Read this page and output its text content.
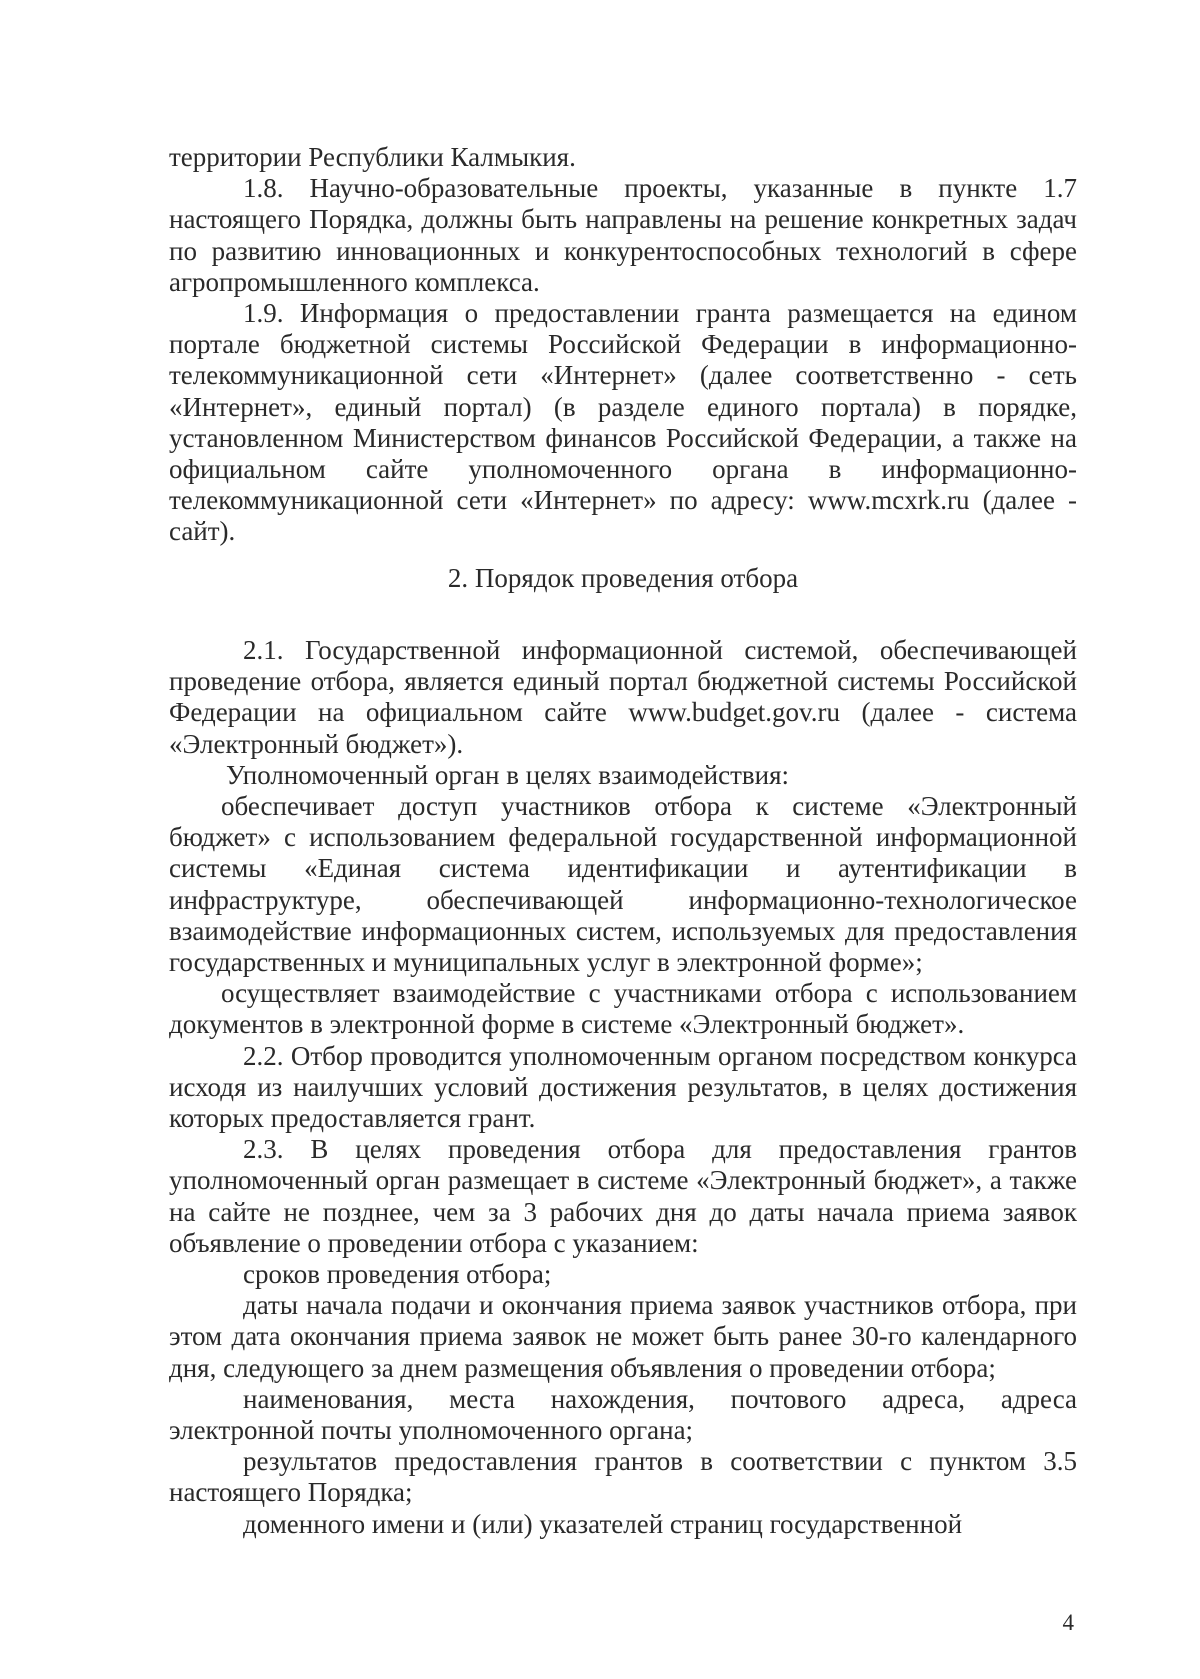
территории Республики Калмыкия.

1.8. Научно-образовательные проекты, указанные в пункте 1.7 настоящего Порядка, должны быть направлены на решение конкретных задач по развитию инновационных и конкурентоспособных технологий в сфере агропромышленного комплекса.

1.9. Информация о предоставлении гранта размещается на едином портале бюджетной системы Российской Федерации в информационно-телекоммуникационной сети «Интернет» (далее соответственно - сеть «Интернет», единый портал) (в разделе единого портала) в порядке, установленном Министерством финансов Российской Федерации, а также на официальном сайте уполномоченного органа в информационно-телекоммуникационной сети «Интернет» по адресу: www.mcxrk.ru (далее - сайт).

2. Порядок проведения отбора

2.1. Государственной информационной системой, обеспечивающей проведение отбора, является единый портал бюджетной системы Российской Федерации на официальном сайте www.budget.gov.ru (далее - система «Электронный бюджет»).

Уполномоченный орган в целях взаимодействия:

обеспечивает доступ участников отбора к системе «Электронный бюджет» с использованием федеральной государственной информационной системы «Единая система идентификации и аутентификации в инфраструктуре, обеспечивающей информационно-технологическое взаимодействие информационных систем, используемых для предоставления государственных и муниципальных услуг в электронной форме»;

осуществляет взаимодействие с участниками отбора с использованием документов в электронной форме в системе «Электронный бюджет».

2.2. Отбор проводится уполномоченным органом посредством конкурса исходя из наилучших условий достижения результатов, в целях достижения которых предоставляется грант.

2.3. В целях проведения отбора для предоставления грантов уполномоченный орган размещает в системе «Электронный бюджет», а также на сайте не позднее, чем за 3 рабочих дня до даты начала приема заявок объявление о проведении отбора с указанием:

сроков проведения отбора;

даты начала подачи и окончания приема заявок участников отбора, при этом дата окончания приема заявок не может быть ранее 30-го календарного дня, следующего за днем размещения объявления о проведении отбора;

наименования, места нахождения, почтового адреса, адреса электронной почты уполномоченного органа;

результатов предоставления грантов в соответствии с пунктом 3.5 настоящего Порядка;

доменного имени и (или) указателей страниц государственной

4
